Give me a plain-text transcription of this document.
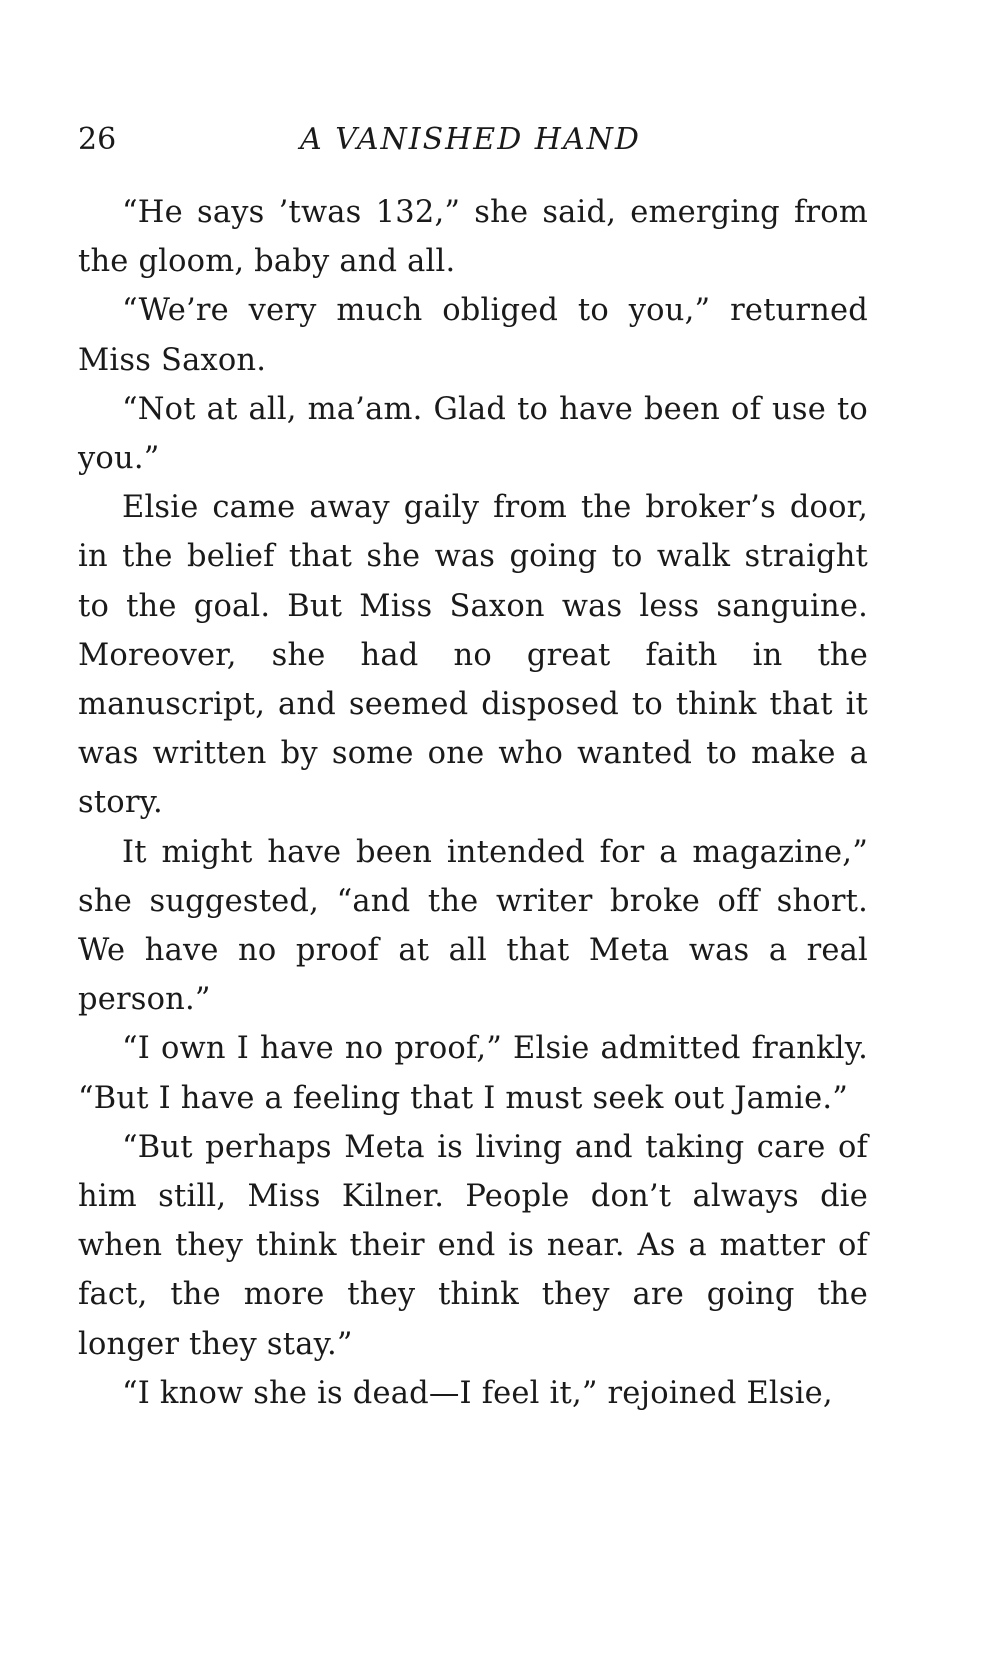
26	A VANISHED HAND

“He says ’twas 132,” she said, emerging from the gloom, baby and all.

“We’re very much obliged to you,” returned Miss Saxon.

“Not at all, ma’am. Glad to have been of use to you.”

Elsie came away gaily from the broker’s door, in the belief that she was going to walk straight to the goal. But Miss Saxon was less sanguine. Moreover, she had no great faith in the manuscript, and seemed disposed to think that it was written by some one who wanted to make a story.

It might have been intended for a magazine,” she suggested, “and the writer broke off short. We have no proof at all that Meta was a real person.”

“I own I have no proof,” Elsie admitted frankly. “But I have a feeling that I must seek out Jamie.”

“But perhaps Meta is living and taking care of him still, Miss Kilner. People don’t always die when they think their end is near. As a matter of fact, the more they think they are going the longer they stay.”

“I know she is dead—I feel it,” rejoined Elsie,
